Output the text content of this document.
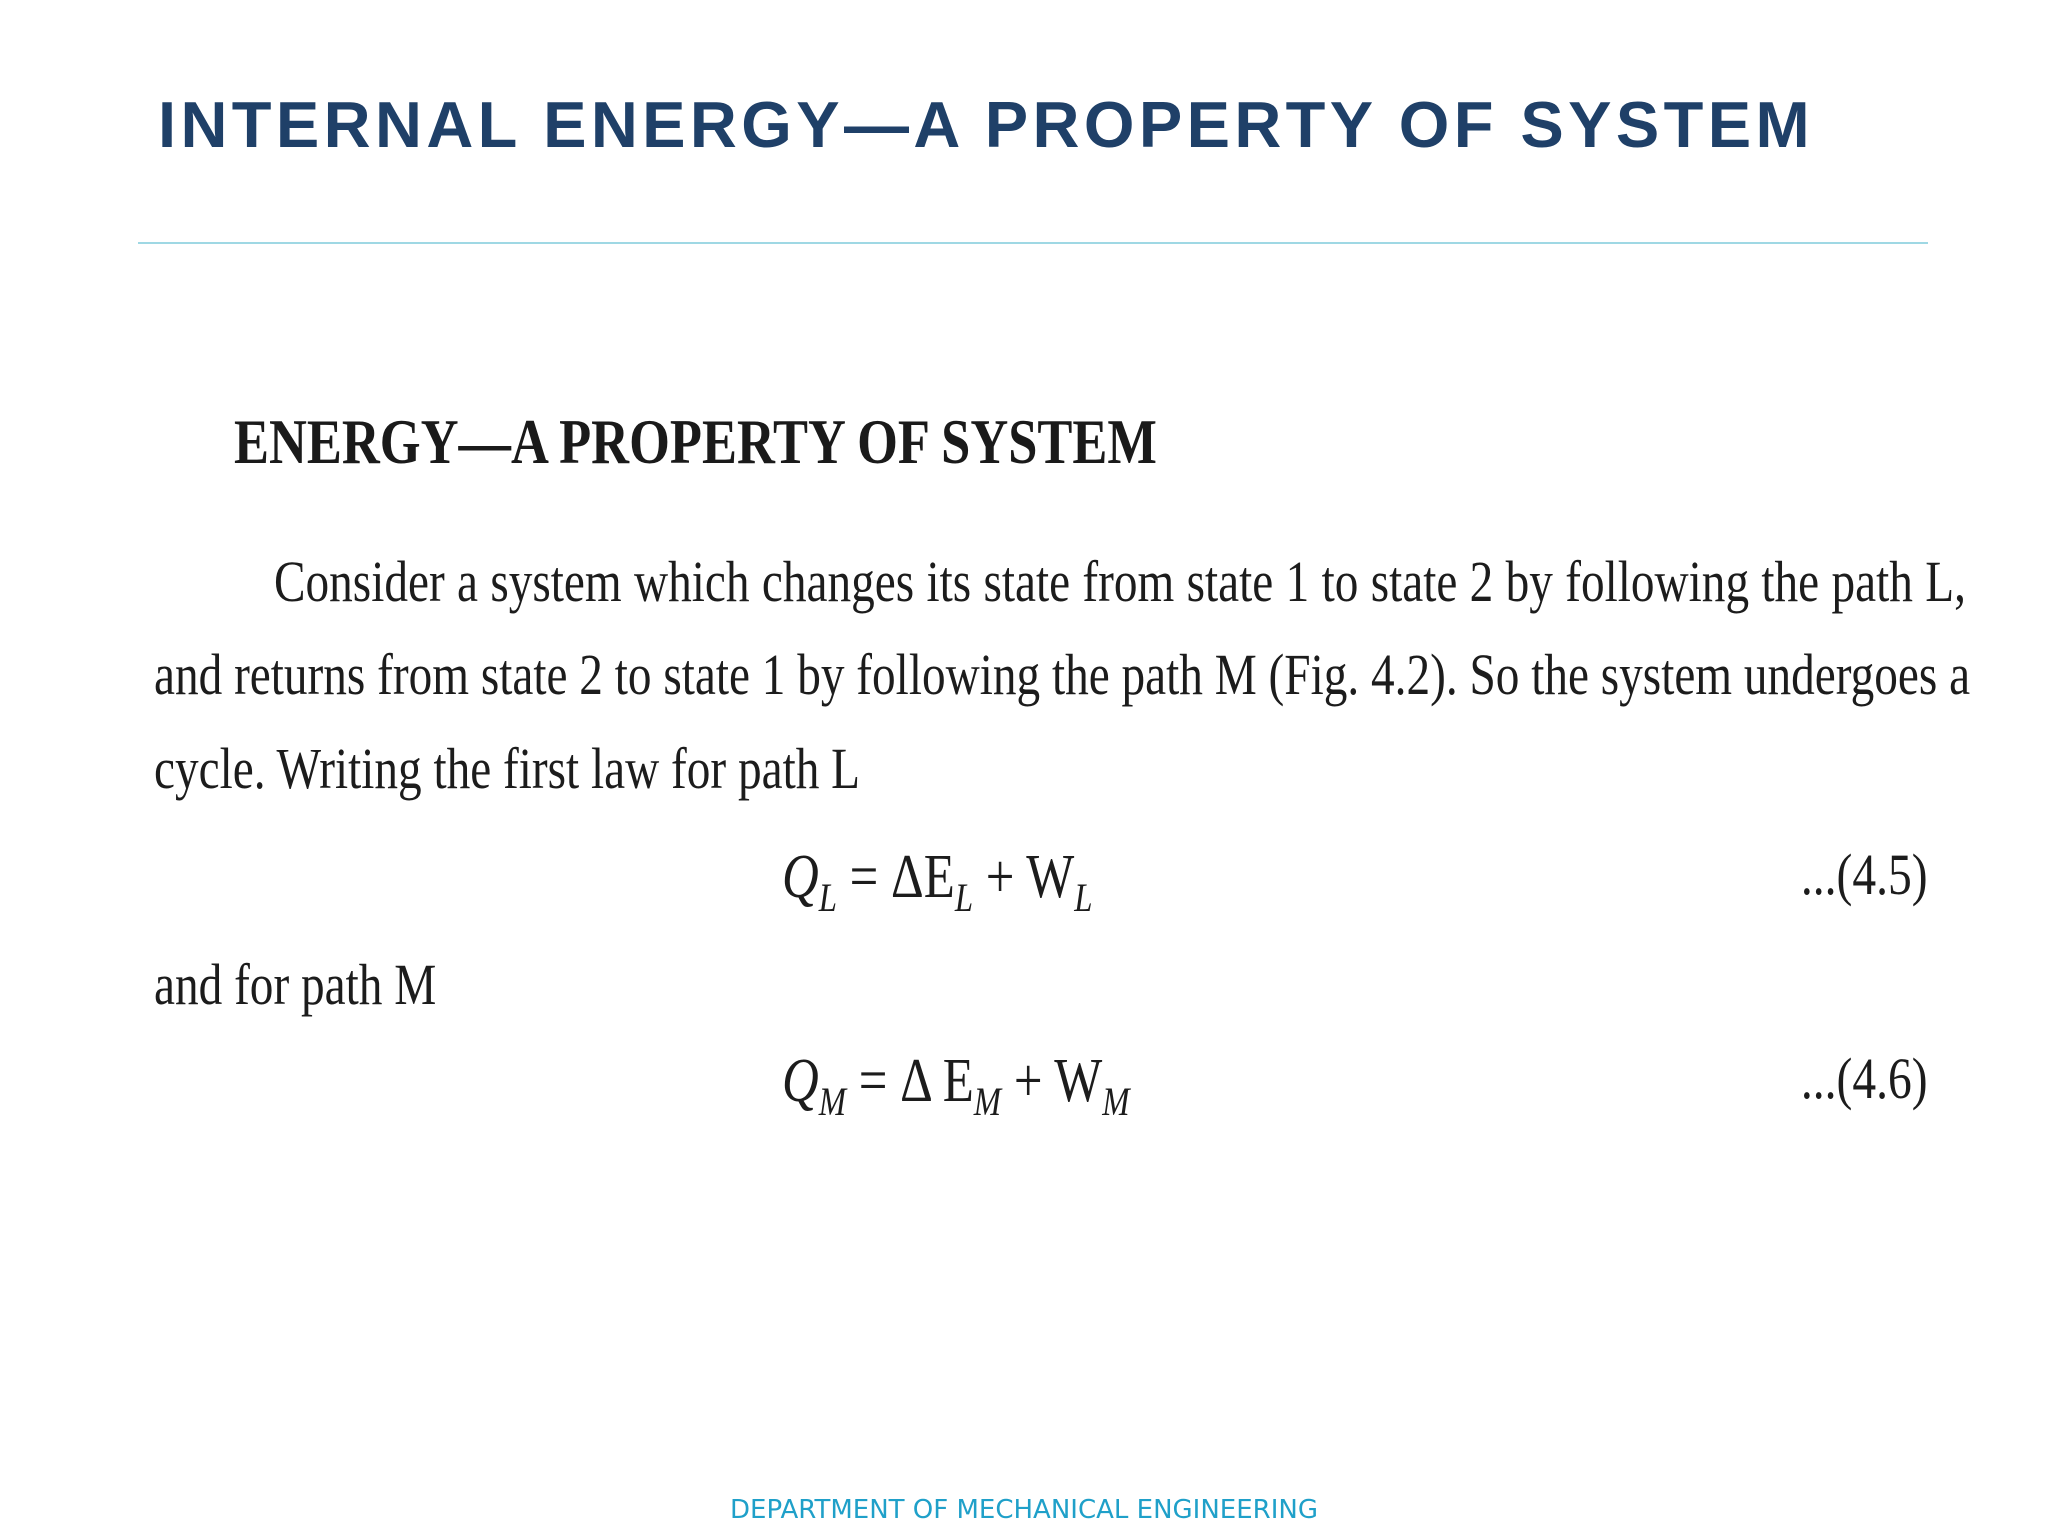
INTERNAL ENERGY—A PROPERTY OF SYSTEM
ENERGY—A PROPERTY OF SYSTEM
Consider a system which changes its state from state 1 to state 2 by following the path L,
and returns from state 2 to state 1 by following the path M (Fig. 4.2). So the system undergoes a
cycle. Writing the first law for path L
$Q_L = \Delta E_L + W_L$	...(4.5)
and for path M
$Q_M = \Delta$ $E_M + W_M$	...(4.6)
DEPARTMENT OF MECHANICAL ENGINEERING
